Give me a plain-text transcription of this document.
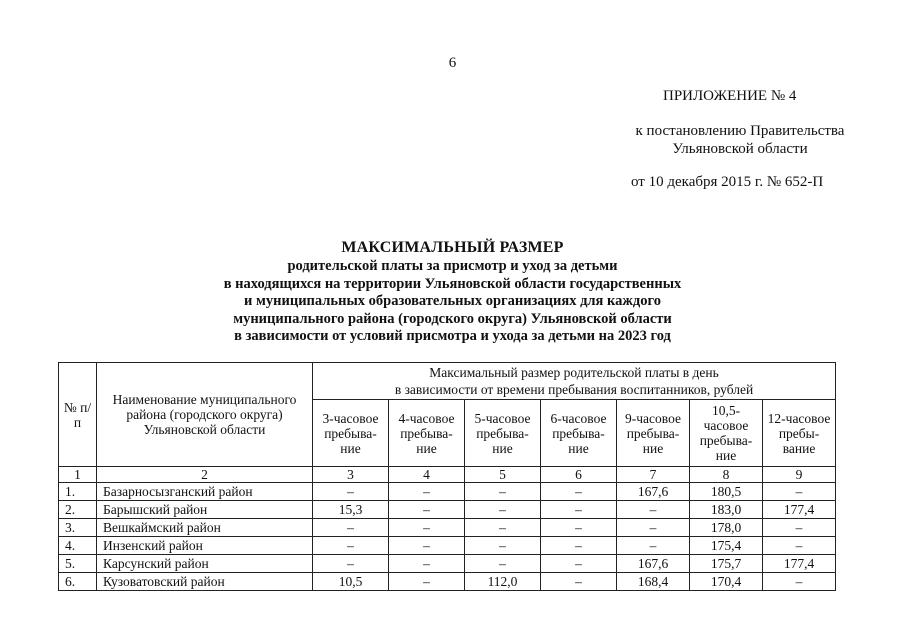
6
ПРИЛОЖЕНИЕ № 4
к постановлению Правительства
Ульяновской области
от 10 декабря 2015 г. № 652-П
МАКСИМАЛЬНЫЙ РАЗМЕР
родительской платы за присмотр и уход за детьми
в находящихся на территории Ульяновской области государственных
и муниципальных образовательных организациях для каждого
муниципального района (городского округа) Ульяновской области
в зависимости от условий присмотра и ухода за детьми на 2023 год
№ п/п	Наименование муниципального района (городского округа) Ульяновской области	Максимальный размер родительской платы в день
в зависимости от времени пребывания воспитанников, рублей						

		3-часовое пребыва-ние	4-часовое пребыва-ние	5-часовое пребыва-ние	6-часовое пребыва-ние	9-часовое пребыва-ние	10,5-часовое пребыва-ние	12-часовое пребы-вание
1	2	3	4	5	6	7	8	9
1.	Базарносызганский район	–	–	–	–	167,6	180,5	–
2.	Барышский район	15,3	–	–	–	–	183,0	177,4
3.	Вешкаймский район	–	–	–	–	–	178,0	–
4.	Инзенский район	–	–	–	–	–	175,4	–
5.	Карсунский район	–	–	–	–	167,6	175,7	177,4
6.	Кузоватовский район	10,5	–	112,0	–	168,4	170,4	–
